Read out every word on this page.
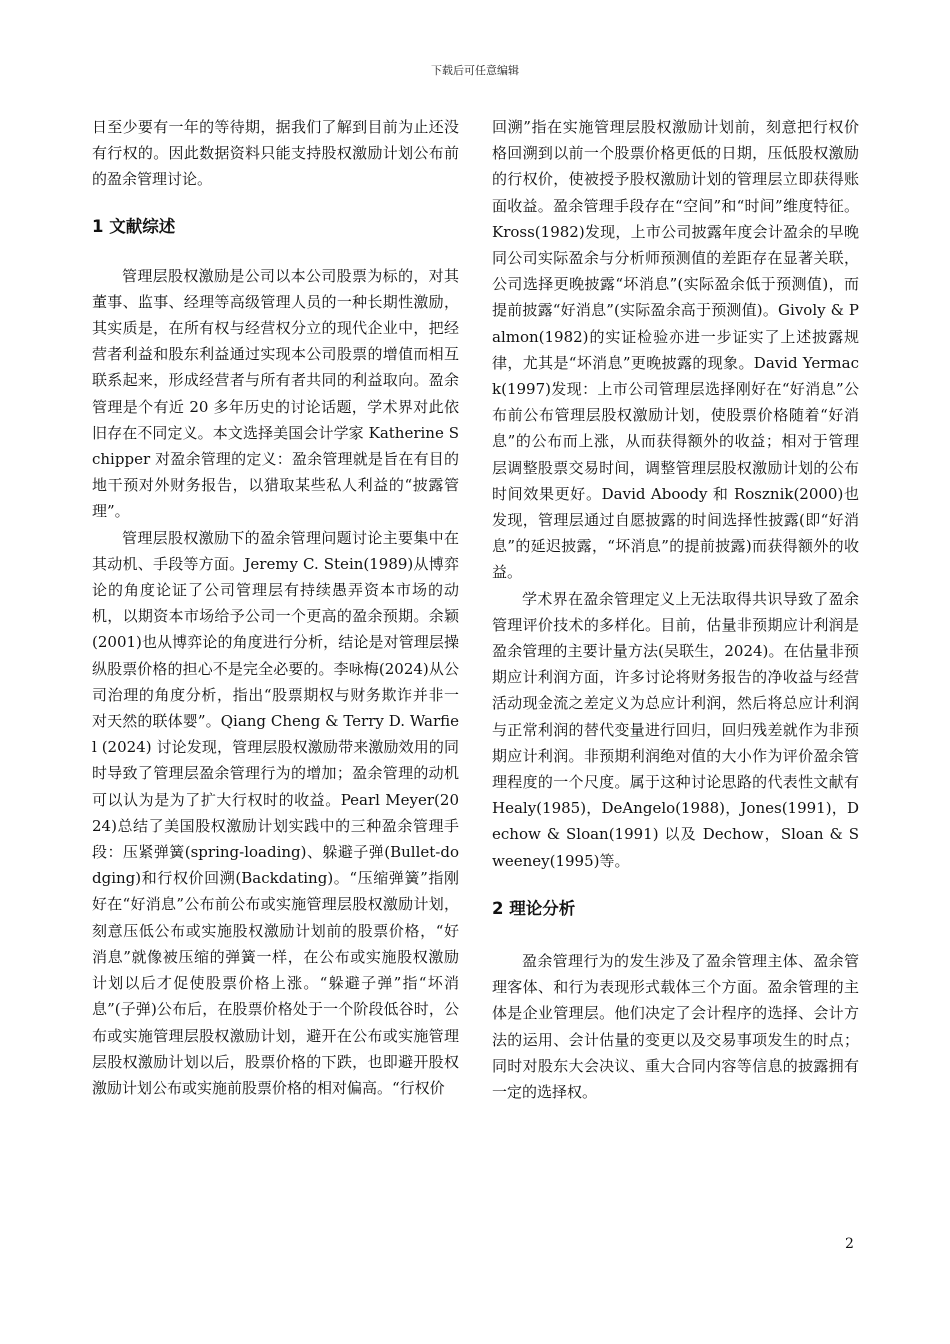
下载后可任意编辑

日至少要有一年的等待期，据我们了解到目前为止还没有行权的。因此数据资料只能支持股权激励计划公布前的盈余管理讨论。

1 文献综述

管理层股权激励是公司以本公司股票为标的，对其董事、监事、经理等高级管理人员的一种长期性激励，其实质是，在所有权与经营权分立的现代企业中，把经营者利益和股东利益通过实现本公司股票的增值而相互联系起来，形成经营者与所有者共同的利益取向。盈余管理是个有近 20 多年历史的讨论话题，学术界对此依旧存在不同定义。本文选择美国会计学家 Katherine Schipper 对盈余管理的定义：盈余管理就是旨在有目的地干预对外财务报告，以猎取某些私人利益的“披露管理”。

管理层股权激励下的盈余管理问题讨论主要集中在其动机、手段等方面。Jeremy C. Stein(1989)从博弈论的角度论证了公司管理层有持续愚弄资本市场的动机，以期资本市场给予公司一个更高的盈余预期。余颖(2001)也从博弈论的角度进行分析，结论是对管理层操纵股票价格的担心不是完全必要的。李咏梅(2024)从公司治理的角度分析，指出“股票期权与财务欺诈并非一对天然的联体婴”。Qiang Cheng & Terry D. Warfiel (2024) 讨论发现，管理层股权激励带来激励效用的同时导致了管理层盈余管理行为的增加；盈余管理的动机可以认为是为了扩大行权时的收益。Pearl Meyer(2024)总结了美国股权激励计划实践中的三种盈余管理手段：压紧弹簧(spring-loading)、躲避子弹(Bullet-dodging)和行权价回溯(Backdating)。“压缩弹簧”指刚好在“好消息”公布前公布或实施管理层股权激励计划，刻意压低公布或实施股权激励计划前的股票价格，“好消息”就像被压缩的弹簧一样，在公布或实施股权激励计划以后才促使股票价格上涨。“躲避子弹”指“坏消息”(子弹)公布后，在股票价格处于一个阶段低谷时，公布或实施管理层股权激励计划，避开在公布或实施管理层股权激励计划以后，股票价格的下跌，也即避开股权激励计划公布或实施前股票价格的相对偏高。“行权价

回溯”指在实施管理层股权激励计划前，刻意把行权价格回溯到以前一个股票价格更低的日期，压低股权激励的行权价，使被授予股权激励计划的管理层立即获得账面收益。盈余管理手段存在“空间”和“时间”维度特征。Kross(1982)发现，上市公司披露年度会计盈余的早晚同公司实际盈余与分析师预测值的差距存在显著关联，公司选择更晚披露“坏消息”(实际盈余低于预测值)，而提前披露“好消息”(实际盈余高于预测值)。Givoly & Palmon(1982)的实证检验亦进一步证实了上述披露规律，尤其是“坏消息”更晚披露的现象。David Yermack(1997)发现：上市公司管理层选择刚好在“好消息”公布前公布管理层股权激励计划，使股票价格随着“好消息”的公布而上涨，从而获得额外的收益；相对于管理层调整股票交易时间，调整管理层股权激励计划的公布时间效果更好。David Aboody 和 Rosznik(2000)也发现，管理层通过自愿披露的时间选择性披露(即“好消息”的延迟披露，“坏消息”的提前披露)而获得额外的收益。

学术界在盈余管理定义上无法取得共识导致了盈余管理评价技术的多样化。目前，估量非预期应计利润是盈余管理的主要计量方法(吴联生，2024)。在估量非预期应计利润方面，许多讨论将财务报告的净收益与经营活动现金流之差定义为总应计利润，然后将总应计利润与正常利润的替代变量进行回归，回归残差就作为非预期应计利润。非预期利润绝对值的大小作为评价盈余管理程度的一个尺度。属于这种讨论思路的代表性文献有 Healy(1985)，DeAngelo(1988)，Jones(1991)，Dechow & Sloan(1991) 以及 Dechow，Sloan & Sweeney(1995)等。

2 理论分析

盈余管理行为的发生涉及了盈余管理主体、盈余管理客体、和行为表现形式载体三个方面。盈余管理的主体是企业管理层。他们决定了会计程序的选择、会计方法的运用、会计估量的变更以及交易事项发生的时点；同时对股东大会决议、重大合同内容等信息的披露拥有一定的选择权。

2
